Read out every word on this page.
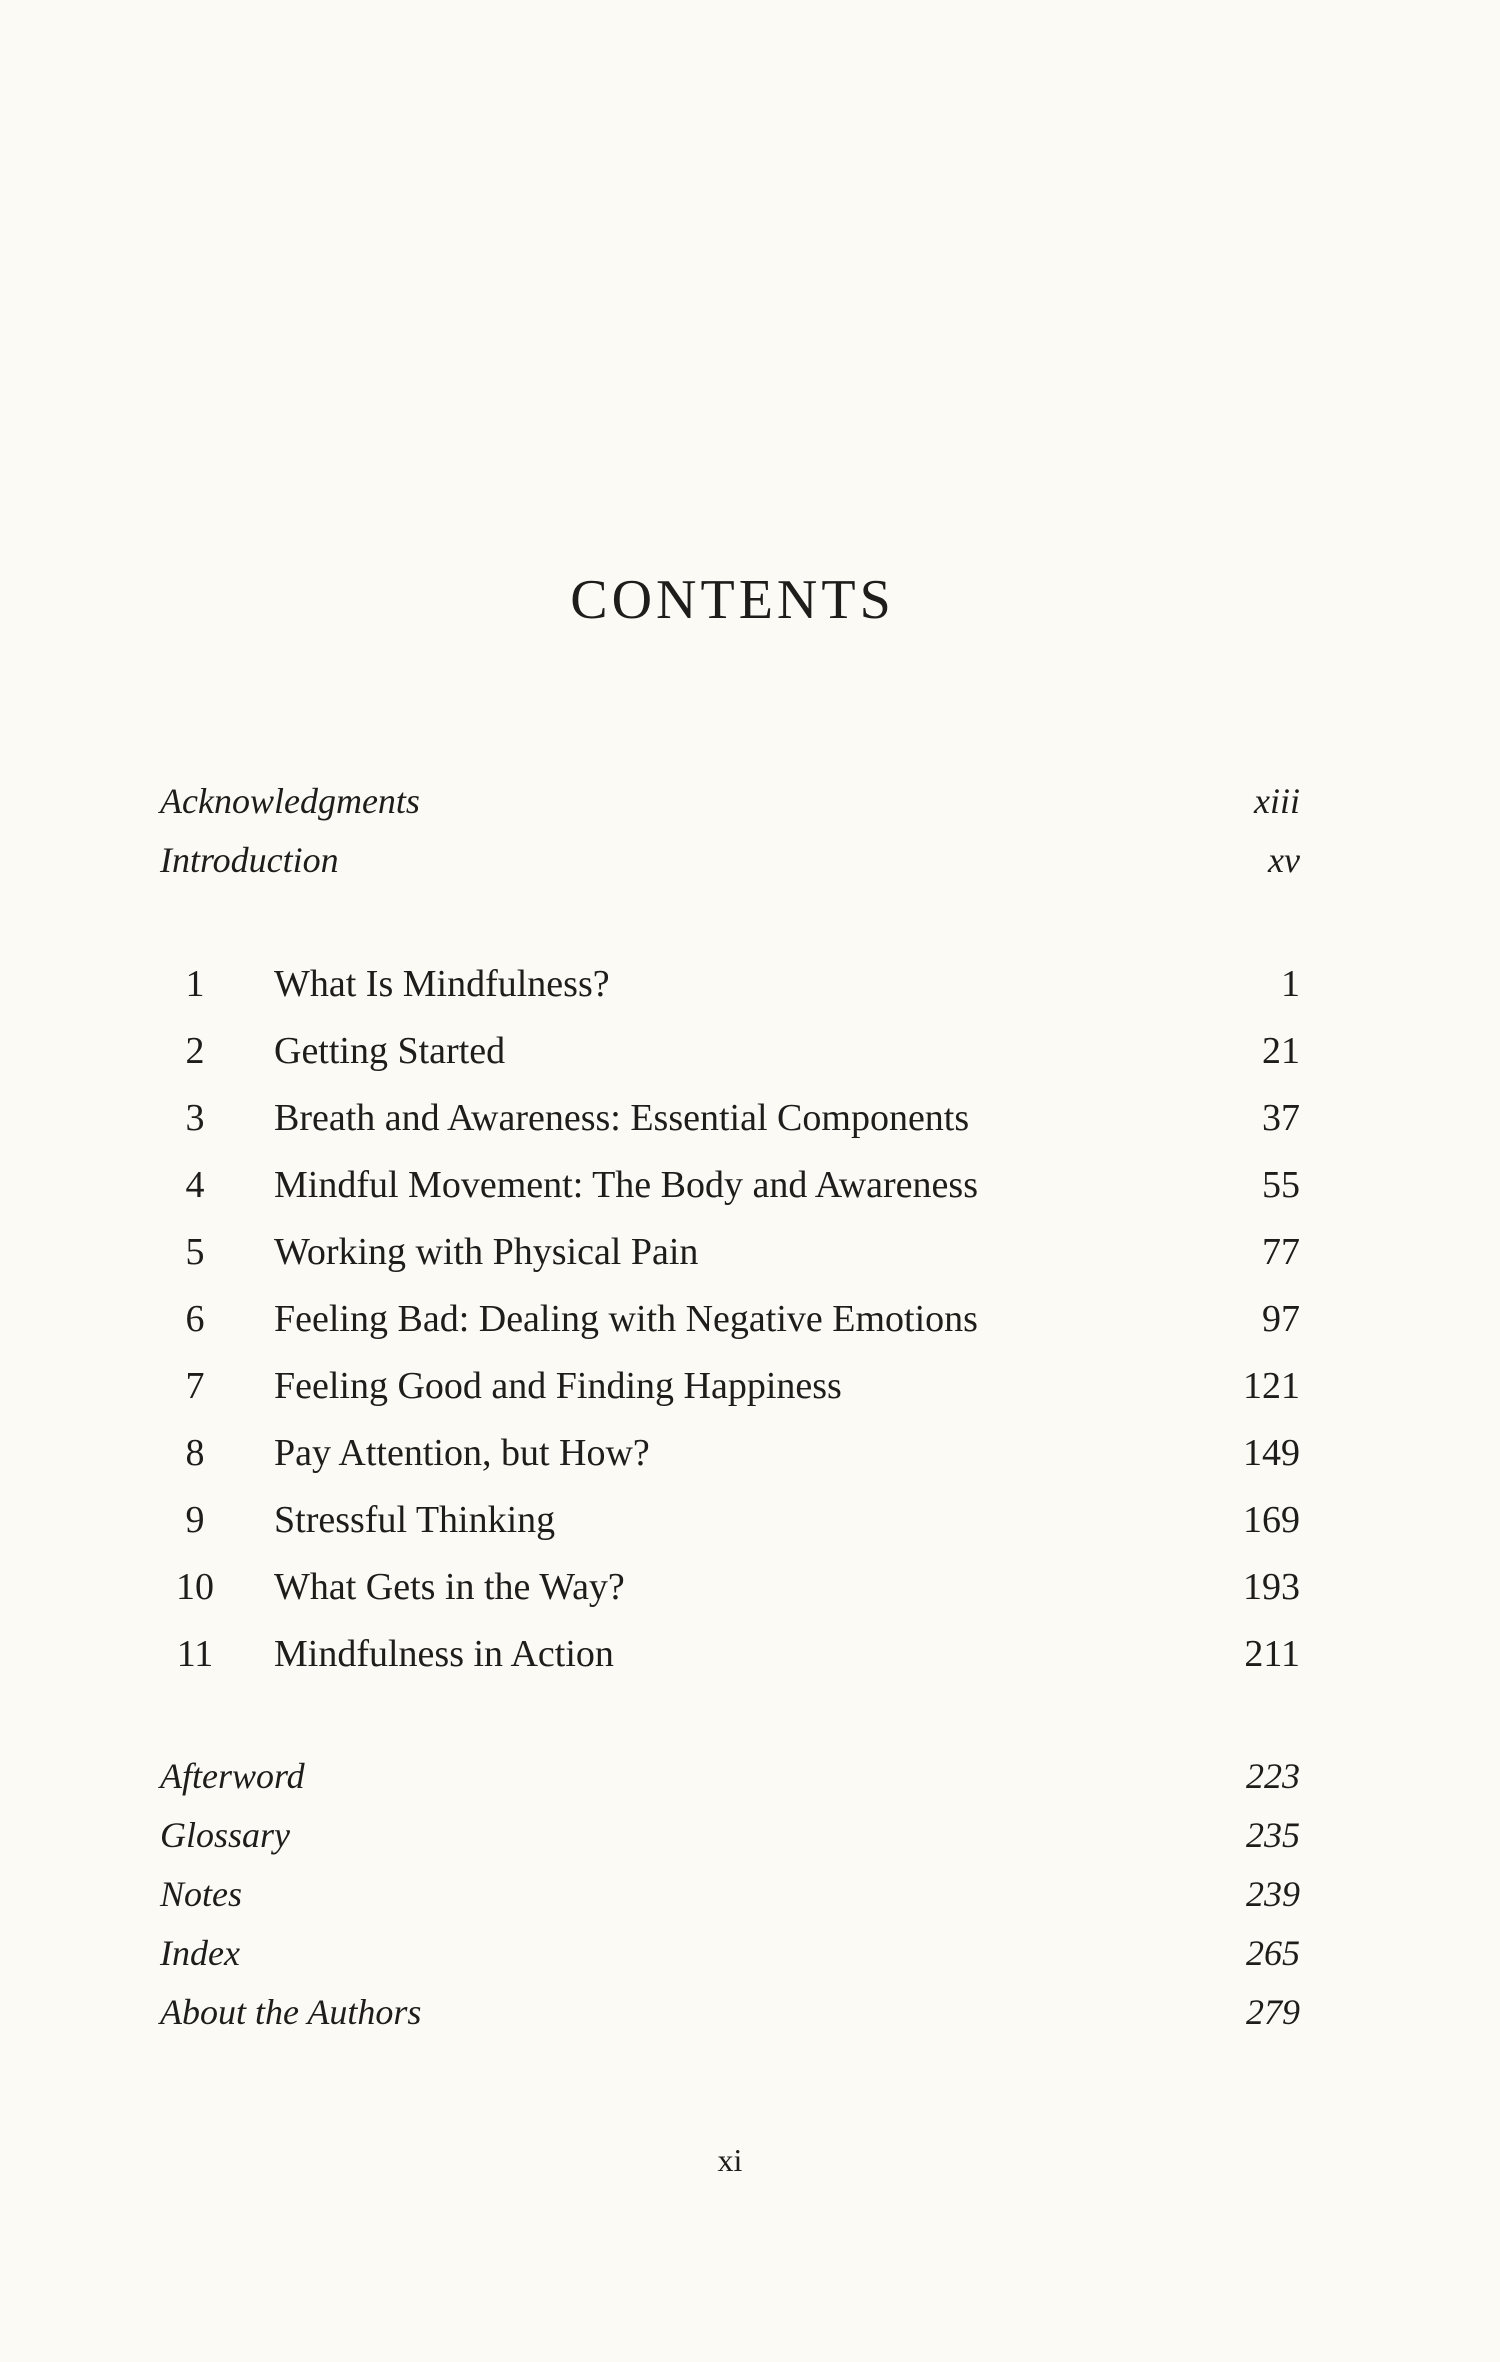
CONTENTS
Acknowledgments	xiii
Introduction	xv
1	What Is Mindfulness?	1
2	Getting Started	21
3	Breath and Awareness: Essential Components	37
4	Mindful Movement: The Body and Awareness	55
5	Working with Physical Pain	77
6	Feeling Bad: Dealing with Negative Emotions	97
7	Feeling Good and Finding Happiness	121
8	Pay Attention, but How?	149
9	Stressful Thinking	169
10	What Gets in the Way?	193
11	Mindfulness in Action	211
Afterword	223
Glossary	235
Notes	239
Index	265
About the Authors	279
xi
